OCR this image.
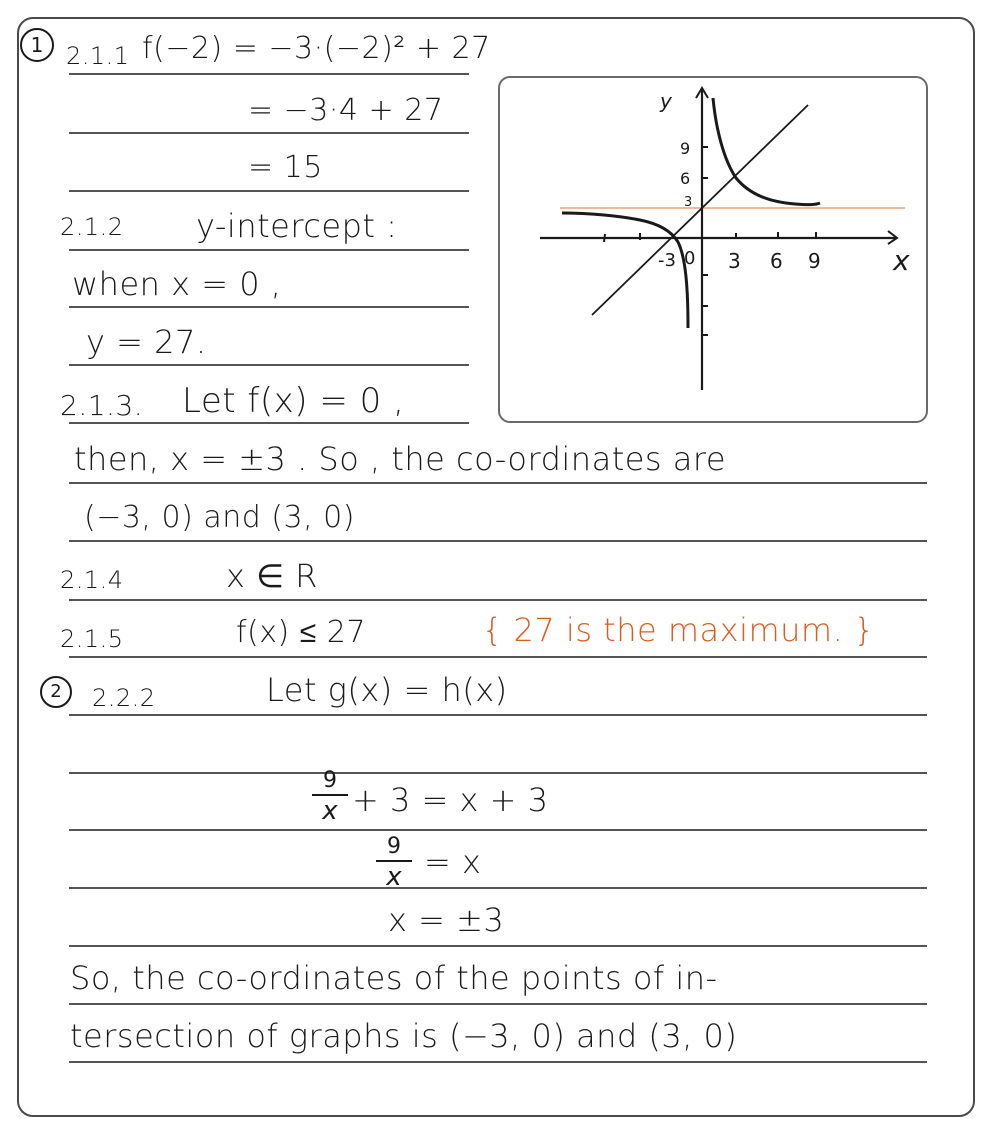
1 2.1.1 f(−2) = −3·(−2)² + 27
= −3·4 + 27
= 15
2.1.2 y-intercept :
when x = 0 ,
y = 27.
2.1.3. Let f(x) = 0 ,
then, x = ±3 . So , the co-ordinates are
(−3, 0) and (3, 0)
2.1.4	x ∈ R
2.1.5	f(x) ≤ 27	{ 27 is the maximum. }
y
x
9
6
3
-3 0 3 6 9
2	2.2.2	Let g(x) = h(x)
9
x + 3 = x + 3
9
x = x
x = ±3
So, the co-ordinates of the points of in-
tersection of graphs is (−3, 0) and (3, 0)
